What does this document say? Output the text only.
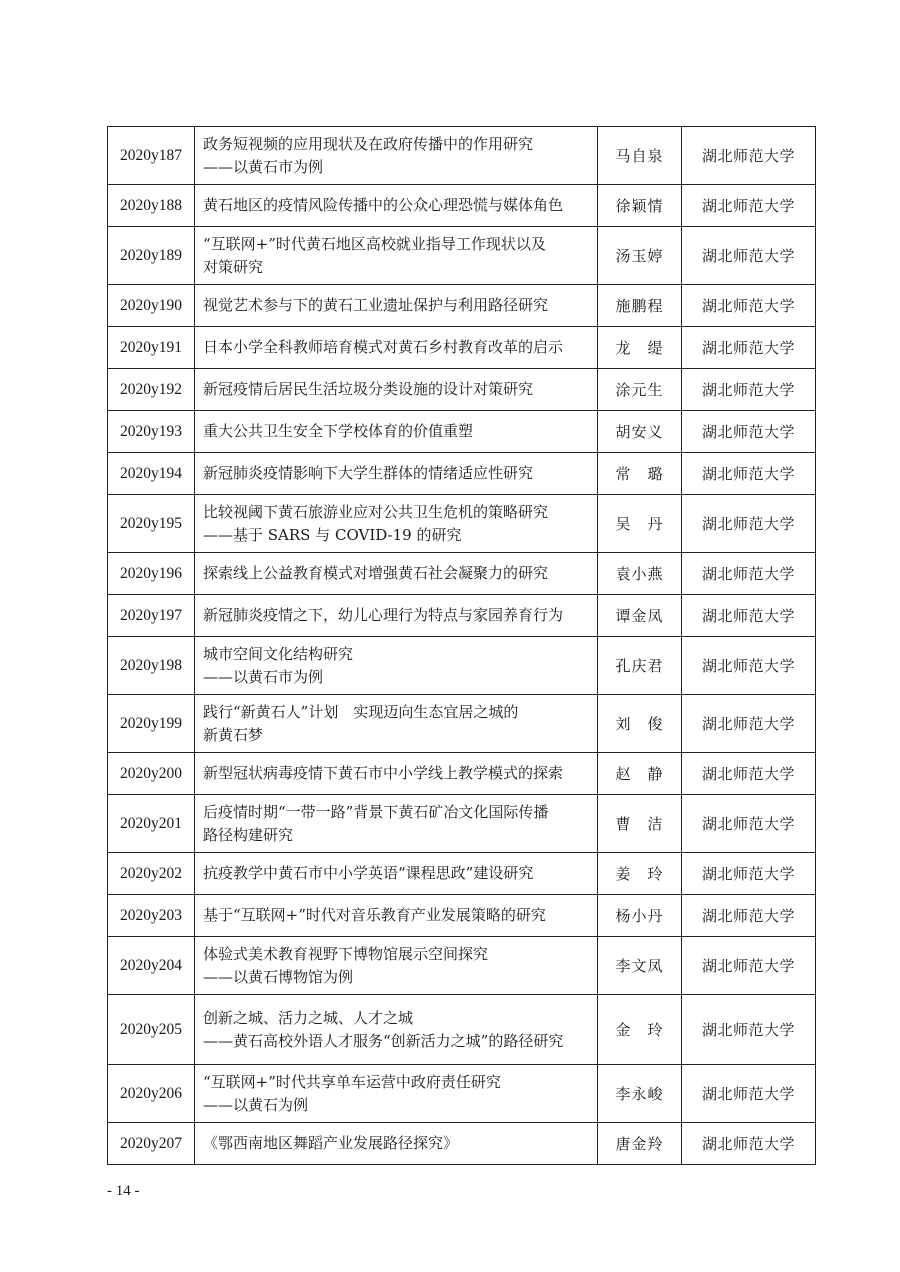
2020y187	政务短视频的应用现状及在政府传播中的作用研究
——以黄石市为例	马自泉	湖北师范大学
2020y188	黄石地区的疫情风险传播中的公众心理恐慌与媒体角色	徐颖情	湖北师范大学
2020y189	“互联网+”时代黄石地区高校就业指导工作现状以及
对策研究	汤玉婷	湖北师范大学
2020y190	视觉艺术参与下的黄石工业遗址保护与利用路径研究	施鹏程	湖北师范大学
2020y191	日本小学全科教师培育模式对黄石乡村教育改革的启示	龙　缇	湖北师范大学
2020y192	新冠疫情后居民生活垃圾分类设施的设计对策研究	涂元生	湖北师范大学
2020y193	重大公共卫生安全下学校体育的价值重塑	胡安义	湖北师范大学
2020y194	新冠肺炎疫情影响下大学生群体的情绪适应性研究	常　璐	湖北师范大学
2020y195	比较视阈下黄石旅游业应对公共卫生危机的策略研究
——基于 SARS 与 COVID-19 的研究	吴　丹	湖北师范大学
2020y196	探索线上公益教育模式对增强黄石社会凝聚力的研究	袁小燕	湖北师范大学
2020y197	新冠肺炎疫情之下，幼儿心理行为特点与家园养育行为	谭金凤	湖北师范大学
2020y198	城市空间文化结构研究
——以黄石市为例	孔庆君	湖北师范大学
2020y199	践行“新黄石人”计划　实现迈向生态宜居之城的
新黄石梦	刘　俊	湖北师范大学
2020y200	新型冠状病毒疫情下黄石市中小学线上教学模式的探索	赵　静	湖北师范大学
2020y201	后疫情时期“一带一路”背景下黄石矿冶文化国际传播
路径构建研究	曹　洁	湖北师范大学
2020y202	抗疫教学中黄石市中小学英语“课程思政”建设研究	姜　玲	湖北师范大学
2020y203	基于“互联网+”时代对音乐教育产业发展策略的研究	杨小丹	湖北师范大学
2020y204	体验式美术教育视野下博物馆展示空间探究
——以黄石博物馆为例	李文凤	湖北师范大学
2020y205	创新之城、活力之城、人才之城
——黄石高校外语人才服务“创新活力之城”的路径研究	金　玲	湖北师范大学
2020y206	“互联网+”时代共享单车运营中政府责任研究
——以黄石为例	李永峻	湖北师范大学
2020y207	《鄂西南地区舞蹈产业发展路径探究》	唐金羚	湖北师范大学
- 14 -
